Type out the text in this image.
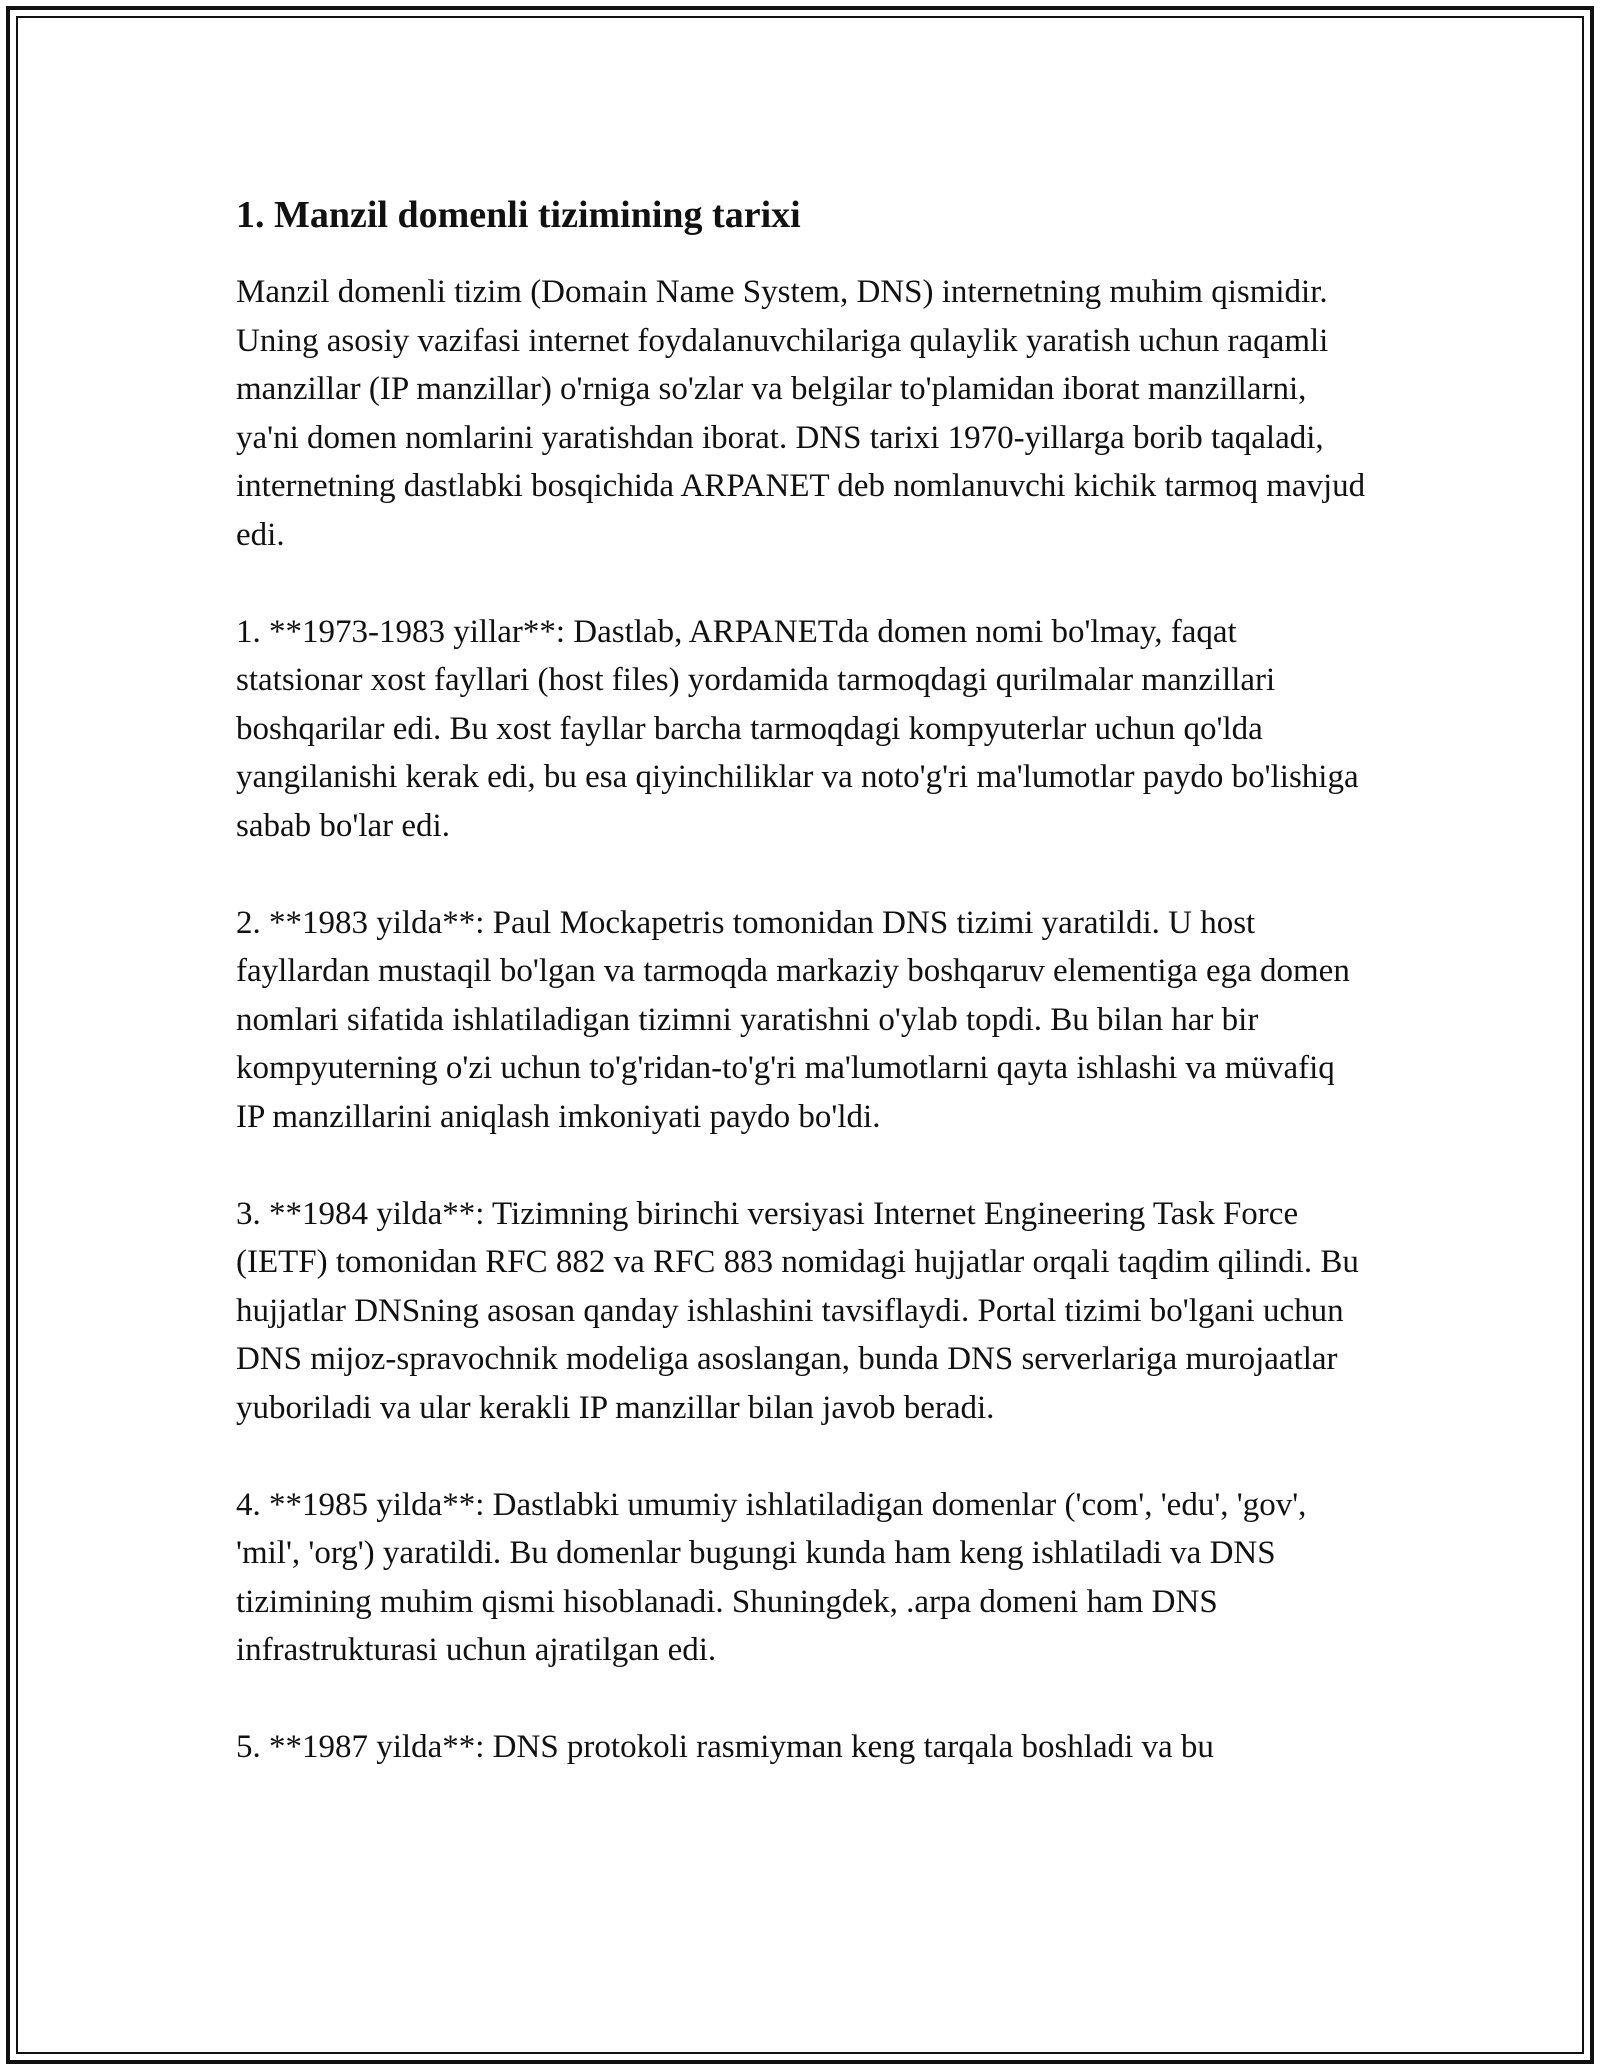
1. Manzil domenli tizimining tarixi

Manzil domenli tizim (Domain Name System, DNS) internetning muhim qismidir. Uning asosiy vazifasi internet foydalanuvchilariga qulaylik yaratish uchun raqamli manzillar (IP manzillar) o'rniga so'zlar va belgilar to'plamidan iborat manzillarni, ya'ni domen nomlarini yaratishdan iborat. DNS tarixi 1970-yillarga borib taqaladi, internetning dastlabki bosqichida ARPANET deb nomlanuvchi kichik tarmoq mavjud edi.

1. **1973-1983 yillar**: Dastlab, ARPANETda domen nomi bo'lmay, faqat statsionar xost fayllari (host files) yordamida tarmoqdagi qurilmalar manzillari boshqarilar edi. Bu xost fayllar barcha tarmoqdagi kompyuterlar uchun qo'lda yangilanishi kerak edi, bu esa qiyinchiliklar va noto'g'ri ma'lumotlar paydo bo'lishiga sabab bo'lar edi.

2. **1983 yilda**: Paul Mockapetris tomonidan DNS tizimi yaratildi. U host fayllardan mustaqil bo'lgan va tarmoqda markaziy boshqaruv elementiga ega domen nomlari sifatida ishlatiladigan tizimni yaratishni o'ylab topdi. Bu bilan har bir kompyuterning o'zi uchun to'g'ridan-to'g'ri ma'lumotlarni qayta ishlashi va müvafiq IP manzillarini aniqlash imkoniyati paydo bo'ldi.

3. **1984 yilda**: Tizimning birinchi versiyasi Internet Engineering Task Force (IETF) tomonidan RFC 882 va RFC 883 nomidagi hujjatlar orqali taqdim qilindi. Bu hujjatlar DNSning asosan qanday ishlashini tavsiflaydi. Portal tizimi bo'lgani uchun DNS mijoz-spravochnik modeliga asoslangan, bunda DNS serverlariga murojaatlar yuboriladi va ular kerakli IP manzillar bilan javob beradi.

4. **1985 yilda**: Dastlabki umumiy ishlatiladigan domenlar ('com', 'edu', 'gov', 'mil', 'org') yaratildi. Bu domenlar bugungi kunda ham keng ishlatiladi va DNS tizimining muhim qismi hisoblanadi. Shuningdek, .arpa domeni ham DNS infrastrukturasi uchun ajratilgan edi.

5. **1987 yilda**: DNS protokoli rasmiyman keng tarqala boshladi va bu
